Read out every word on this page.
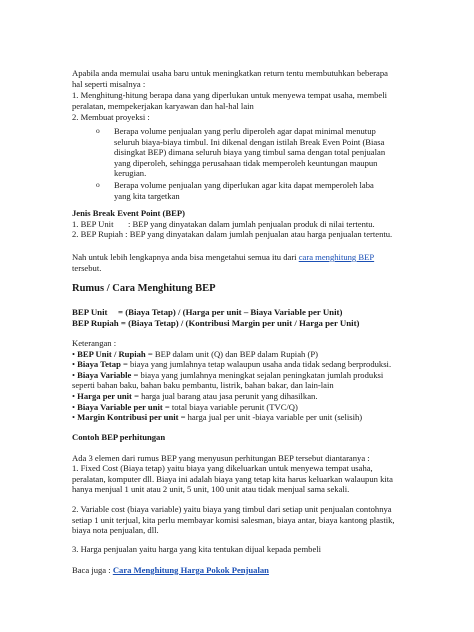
Apabila anda memulai usaha baru untuk meningkatkan return tentu membutuhkan beberapa

hal seperti misalnya :

1. Menghitung-hitung berapa dana yang diperlukan untuk menyewa tempat usaha, membeli

peralatan, mempekerjakan karyawan dan hal-hal lain

2. Membuat proyeksi :

o Berapa volume penjualan yang perlu diperoleh agar dapat minimal menutup

seluruh biaya-biaya timbul. Ini dikenal dengan istilah Break Even Point (Biasa

disingkat BEP) dimana seluruh biaya yang timbul sama dengan total penjualan

yang diperoleh, sehingga perusahaan tidak memperoleh keuntungan maupun

kerugian.

o Berapa volume penjualan yang diperlukan agar kita dapat memperoleh laba

yang kita targetkan

Jenis Break Event Point (BEP)

1. BEP Unit : BEP yang dinyatakan dalam jumlah penjualan produk di nilai tertentu.

2. BEP Rupiah : BEP yang dinyatakan dalam jumlah penjualan atau harga penjualan tertentu.

Nah untuk lebih lengkapnya anda bisa mengetahui semua itu dari cara menghitung BEP

tersebut.

Rumus / Cara Menghitung BEP

BEP Unit = (Biaya Tetap) / (Harga per unit – Biaya Variable per Unit)

BEP Rupiah = (Biaya Tetap) / (Kontribusi Margin per unit / Harga per Unit)

Keterangan :

• BEP Unit / Rupiah = BEP dalam unit (Q) dan BEP dalam Rupiah (P)

• Biaya Tetap = biaya yang jumlahnya tetap walaupun usaha anda tidak sedang berproduksi.

• Biaya Variable = biaya yang jumlahnya meningkat sejalan peningkatan jumlah produksi

seperti bahan baku, bahan baku pembantu, listrik, bahan bakar, dan lain-lain

• Harga per unit = harga jual barang atau jasa perunit yang dihasilkan.

• Biaya Variable per unit = total biaya variable perunit (TVC/Q)

• Margin Kontribusi per unit = harga jual per unit -biaya variable per unit (selisih)

Contoh BEP perhitungan
Ada 3 elemen dari rumus BEP yang menyusun perhitungan BEP tersebut diantaranya :

1. Fixed Cost (Biaya tetap) yaitu biaya yang dikeluarkan untuk menyewa tempat usaha,

peralatan, komputer dll. Biaya ini adalah biaya yang tetap kita harus keluarkan walaupun kita

hanya menjual 1 unit atau 2 unit, 5 unit, 100 unit atau tidak menjual sama sekali.

2. Variable cost (biaya variable) yaitu biaya yang timbul dari setiap unit penjualan contohnya

setiap 1 unit terjual, kita perlu membayar komisi salesman, biaya antar, biaya kantong plastik,

biaya nota penjualan, dll.

3. Harga penjualan yaitu harga yang kita tentukan dijual kepada pembeli
Baca juga : Cara Menghitung Harga Pokok Penjualan
